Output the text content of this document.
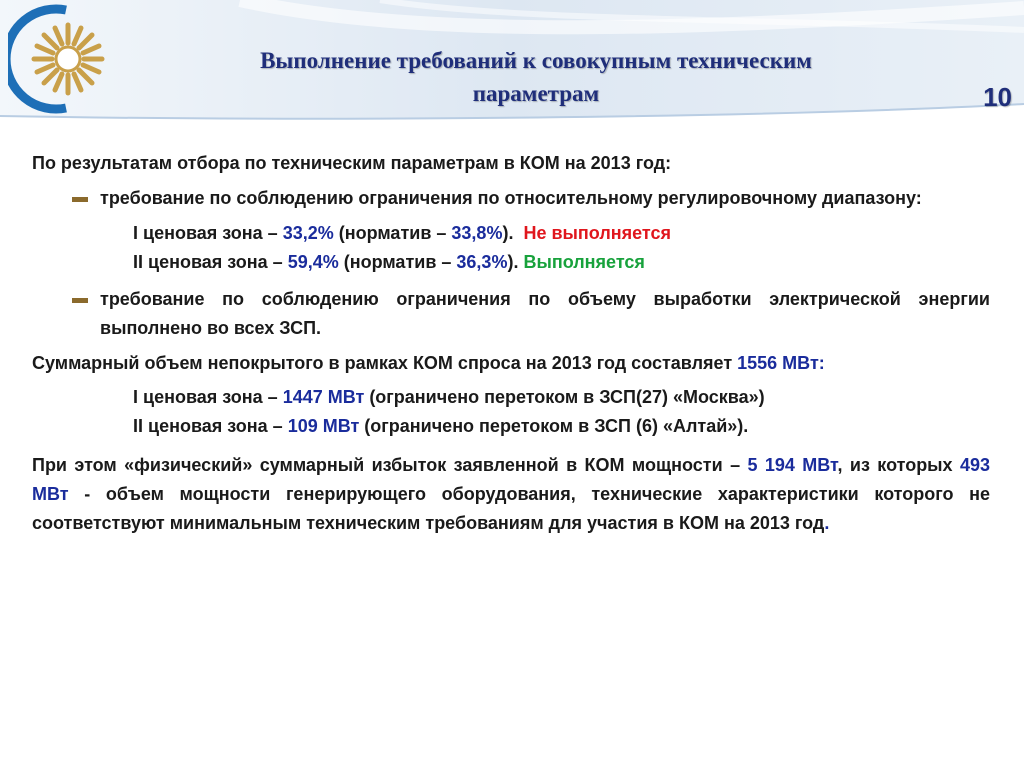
Выполнение требований к совокупным техническим
параметрам	10

По результатам отбора по техническим параметрам в КОМ на 2013 год:

требование по соблюдению ограничения по относительному регулировочному диапазону:

I ценовая зона – 33,2% (норматив – 33,8%).  Не выполняется
II ценовая зона – 59,4% (норматив – 36,3%). Выполняется

требование по соблюдению ограничения по объему выработки электрической энергии выполнено во всех ЗСП.

Суммарный объем непокрытого в рамках КОМ спроса на 2013 год составляет 1556 МВт:

I ценовая зона – 1447 МВт (ограничено перетоком в ЗСП(27) «Москва»)
II ценовая зона – 109 МВт (ограничено перетоком в ЗСП (6) «Алтай»).

При этом «физический» суммарный избыток заявленной в КОМ мощности – 5 194 МВт, из которых 493 МВт - объем мощности генерирующего оборудования, технические характеристики которого не соответствуют минимальным техническим требованиям для участия в КОМ на 2013 год.
